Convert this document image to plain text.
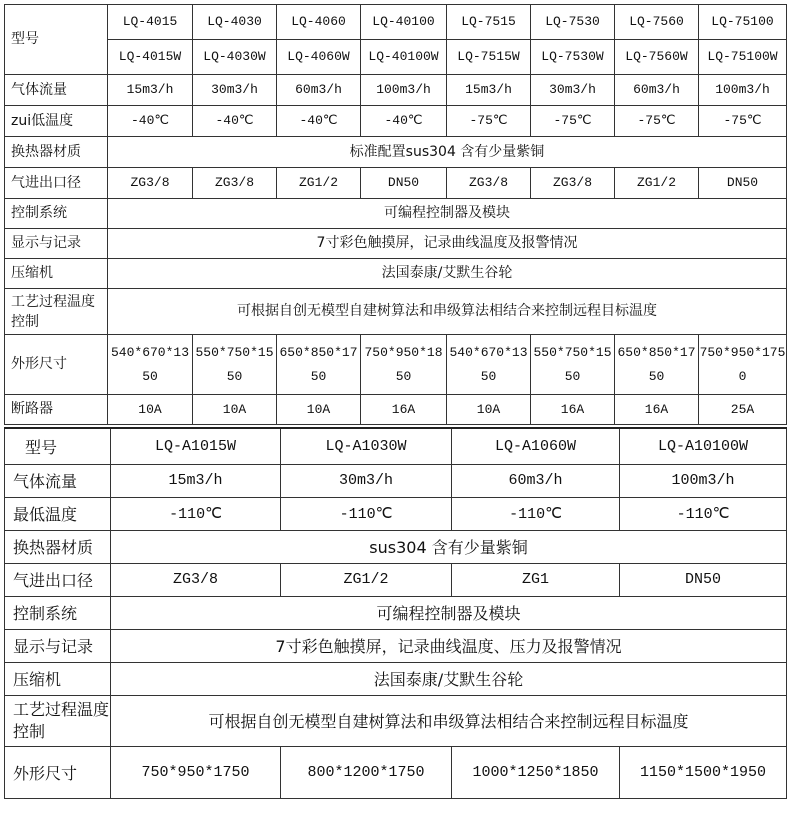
型号	LQ-4015	LQ-4030	LQ-4060	LQ-40100	LQ-7515	LQ-7530	LQ-7560	LQ-75100
	LQ-4015W	LQ-4030W	LQ-4060W	LQ-40100W	LQ-7515W	LQ-7530W	LQ-7560W	LQ-75100W
气体流量	15m3/h	30m3/h	60m3/h	100m3/h	15m3/h	30m3/h	60m3/h	100m3/h
zui低温度	-40℃	-40℃	-40℃	-40℃	-75℃	-75℃	-75℃	-75℃
换热器材质	标准配置sus304 含有少量紫铜							
气进出口径	ZG3/8	ZG3/8	ZG1/2	DN50	ZG3/8	ZG3/8	ZG1/2	DN50
控制系统	可编程控制器及模块							
显示与记录	7寸彩色触摸屏，记录曲线温度及报警情况							
压缩机	法国泰康/艾默生谷轮							
工艺过程温度控制	可根据自创无模型自建树算法和串级算法相结合来控制远程目标温度							
外形尺寸	540*670*1350	550*750*1550	650*850*1750	750*950*1850	540*670*1350	550*750*1550	650*850*1750	750*950*1750
断路器	10A	10A	10A	16A	10A	16A	16A	25A
型号	LQ-A1015W	LQ-A1030W	LQ-A1060W	LQ-A10100W
气体流量	15m3/h	30m3/h	60m3/h	100m3/h
最低温度	-110℃	-110℃	-110℃	-110℃
换热器材质	sus304 含有少量紫铜			
气进出口径	ZG3/8	ZG1/2	ZG1	DN50
控制系统	可编程控制器及模块			
显示与记录	7寸彩色触摸屏，记录曲线温度、压力及报警情况			
压缩机	法国泰康/艾默生谷轮			
工艺过程温度控制	可根据自创无模型自建树算法和串级算法相结合来控制远程目标温度			
外形尺寸	750*950*1750	800*1200*1750	1000*1250*1850	1150*1500*1950
